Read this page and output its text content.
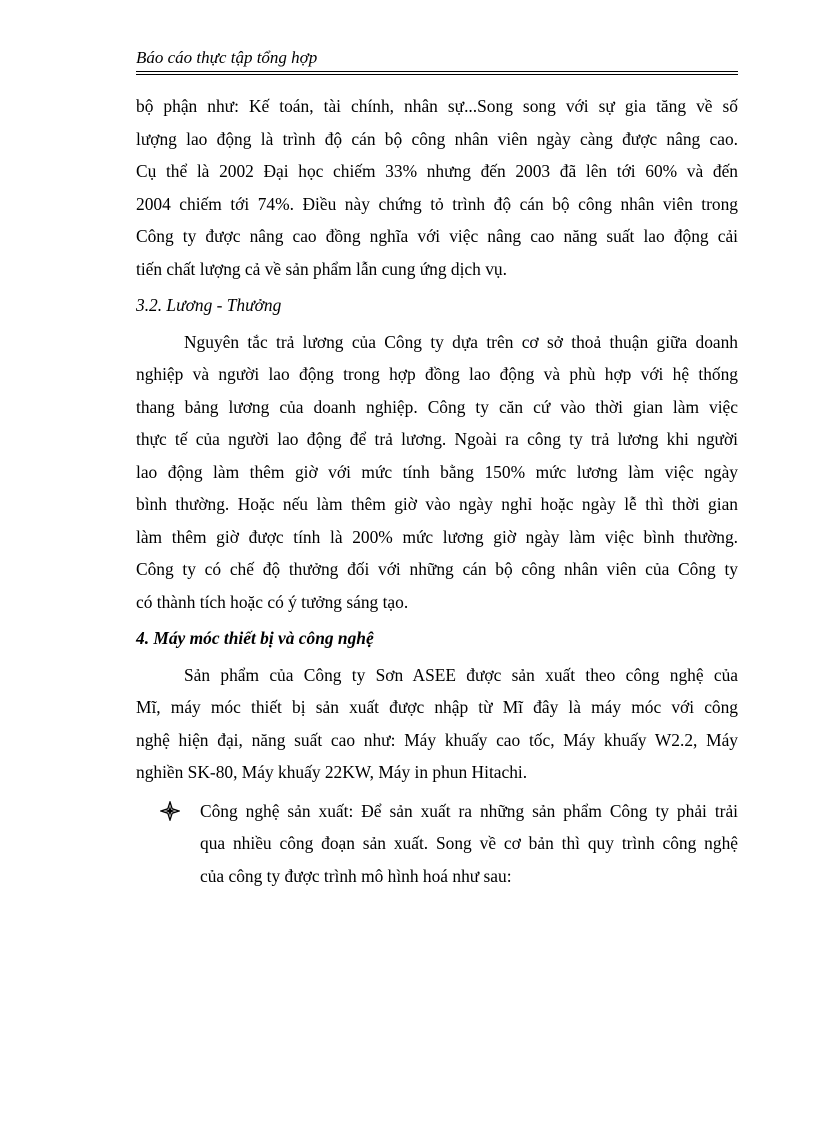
Báo cáo thực tập tổng hợp
bộ phận như: Kế toán, tài chính, nhân sự...Song song với sự gia tăng về số
lượng lao động là trình độ cán bộ công nhân viên ngày càng được nâng cao.
Cụ thể là 2002 Đại học chiếm 33% nhưng đến 2003 đã lên tới 60% và đến
2004 chiếm tới 74%. Điều này chứng tỏ trình độ cán bộ công nhân viên trong
Công ty được nâng cao đồng nghĩa với việc nâng cao năng suất lao động cải
tiến chất lượng cả về sản phẩm lẫn cung ứng dịch vụ.
3.2. Lương - Thưởng
Nguyên tắc trả lương của Công ty dựa trên cơ sở thoả thuận giữa doanh
nghiệp và người lao động trong hợp đồng lao động và phù hợp với hệ thống
thang bảng lương của doanh nghiệp. Công ty căn cứ vào thời gian làm việc
thực tế của người lao động để trả lương. Ngoài ra công ty trả lương khi người
lao động làm thêm giờ với mức tính bằng 150% mức lương làm việc ngày
bình thường. Hoặc nếu làm thêm giờ vào ngày nghỉ hoặc ngày lễ thì thời gian
làm thêm giờ được tính là 200% mức lương giờ ngày làm việc bình thường.
Công ty có chế độ thưởng đối với những cán bộ công nhân viên của Công ty
có thành tích hoặc có ý tưởng sáng tạo.
4. Máy móc thiết bị và công nghệ
Sản phẩm của Công ty Sơn ASEE được sản xuất theo công nghệ của
Mĩ, máy móc thiết bị sản xuất được nhập từ Mĩ đây là máy móc với công
nghệ hiện đại, năng suất cao như: Máy khuấy cao tốc, Máy khuấy W2.2, Máy
nghiền SK-80, Máy khuấy 22KW, Máy in phun Hitachi.
Công nghệ sản xuất: Để sản xuất ra những sản phẩm Công ty phải trải
qua nhiều công đoạn sản xuất. Song về cơ bản thì quy trình công nghệ
của công ty được trình mô hình hoá như sau:
